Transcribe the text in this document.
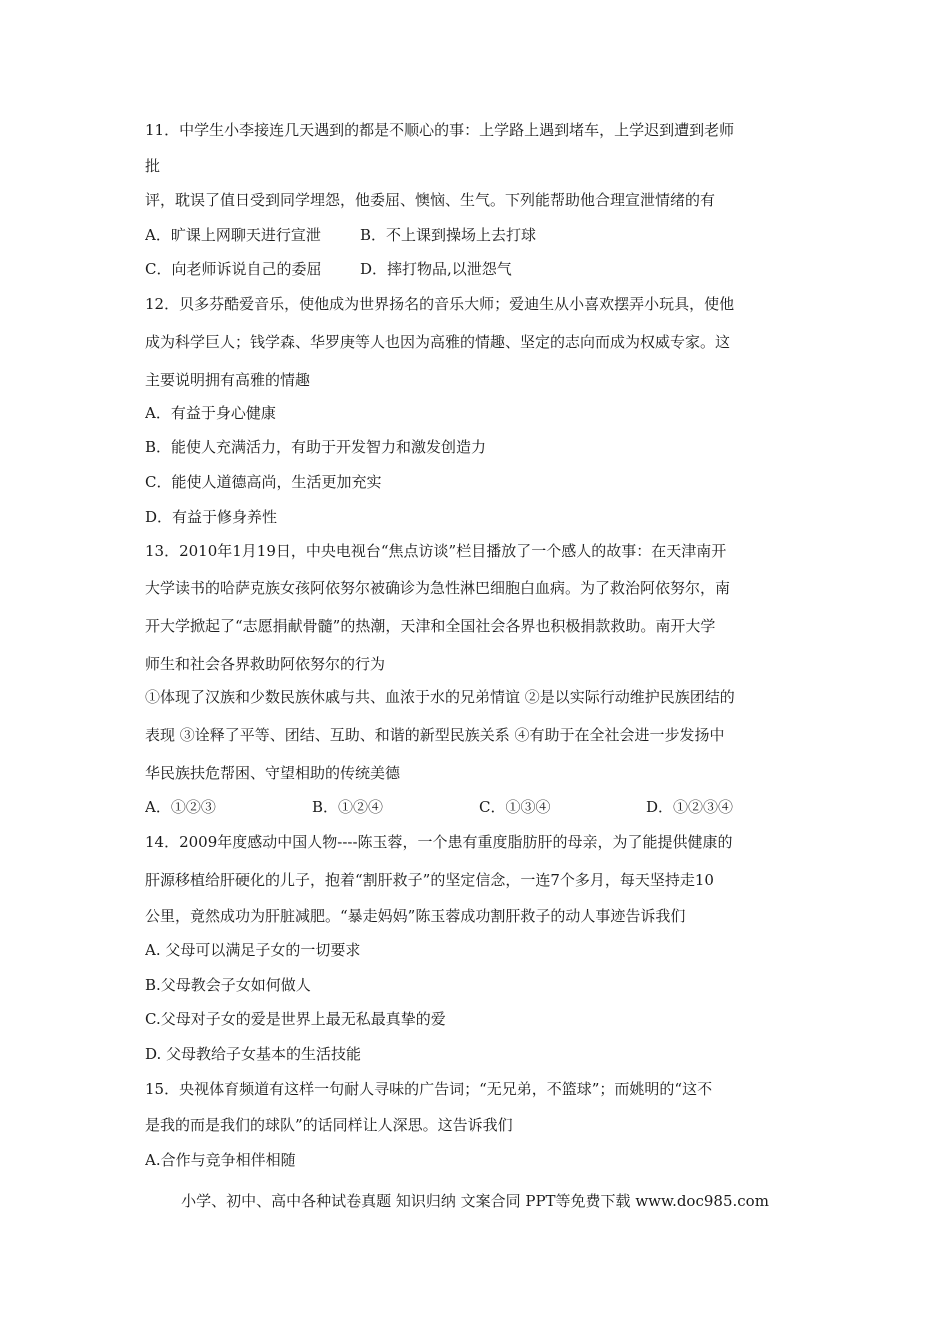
11．中学生小李接连几天遇到的都是不顺心的事：上学路上遇到堵车，上学迟到遭到老师
批
评，耽误了值日受到同学埋怨，他委屈、懊恼、生气。下列能帮助他合理宣泄情绪的有
A．旷课上网聊天进行宣泄	B．不上课到操场上去打球
C．向老师诉说自己的委屈	D．摔打物品,以泄怨气
12．贝多芬酷爱音乐，使他成为世界扬名的音乐大师；爱迪生从小喜欢摆弄小玩具，使他
成为科学巨人；钱学森、华罗庚等人也因为高雅的情趣、坚定的志向而成为权威专家。这
主要说明拥有高雅的情趣
A．有益于身心健康
B．能使人充满活力，有助于开发智力和激发创造力
C．能使人道德高尚，生活更加充实
D．有益于修身养性
13．2010年1月19日，中央电视台“焦点访谈”栏目播放了一个感人的故事：在天津南开
大学读书的哈萨克族女孩阿依努尔被确诊为急性淋巴细胞白血病。为了救治阿依努尔，南
开大学掀起了“志愿捐献骨髓”的热潮，天津和全国社会各界也积极捐款救助。南开大学
师生和社会各界救助阿依努尔的行为
①体现了汉族和少数民族休戚与共、血浓于水的兄弟情谊 ②是以实际行动维护民族团结的
表现 ③诠释了平等、团结、互助、和谐的新型民族关系 ④有助于在全社会进一步发扬中
华民族扶危帮困、守望相助的传统美德
A．①②③	B．①②④	C．①③④	D．①②③④
14．2009年度感动中国人物----陈玉蓉，一个患有重度脂肪肝的母亲，为了能提供健康的
肝源移植给肝硬化的儿子，抱着“割肝救子”的坚定信念，一连7个多月，每天坚持走10
公里，竟然成功为肝脏减肥。“暴走妈妈”陈玉蓉成功割肝救子的动人事迹告诉我们
A. 父母可以满足子女的一切要求
B.父母教会子女如何做人
C.父母对子女的爱是世界上最无私最真挚的爱
D. 父母教给子女基本的生活技能
15．央视体育频道有这样一句耐人寻味的广告词；“无兄弟，不篮球”；而姚明的“这不
是我的而是我们的球队”的话同样让人深思。这告诉我们
A.合作与竞争相伴相随
小学、初中、高中各种试卷真题 知识归纳 文案合同 PPT等免费下载 www.doc985.com
